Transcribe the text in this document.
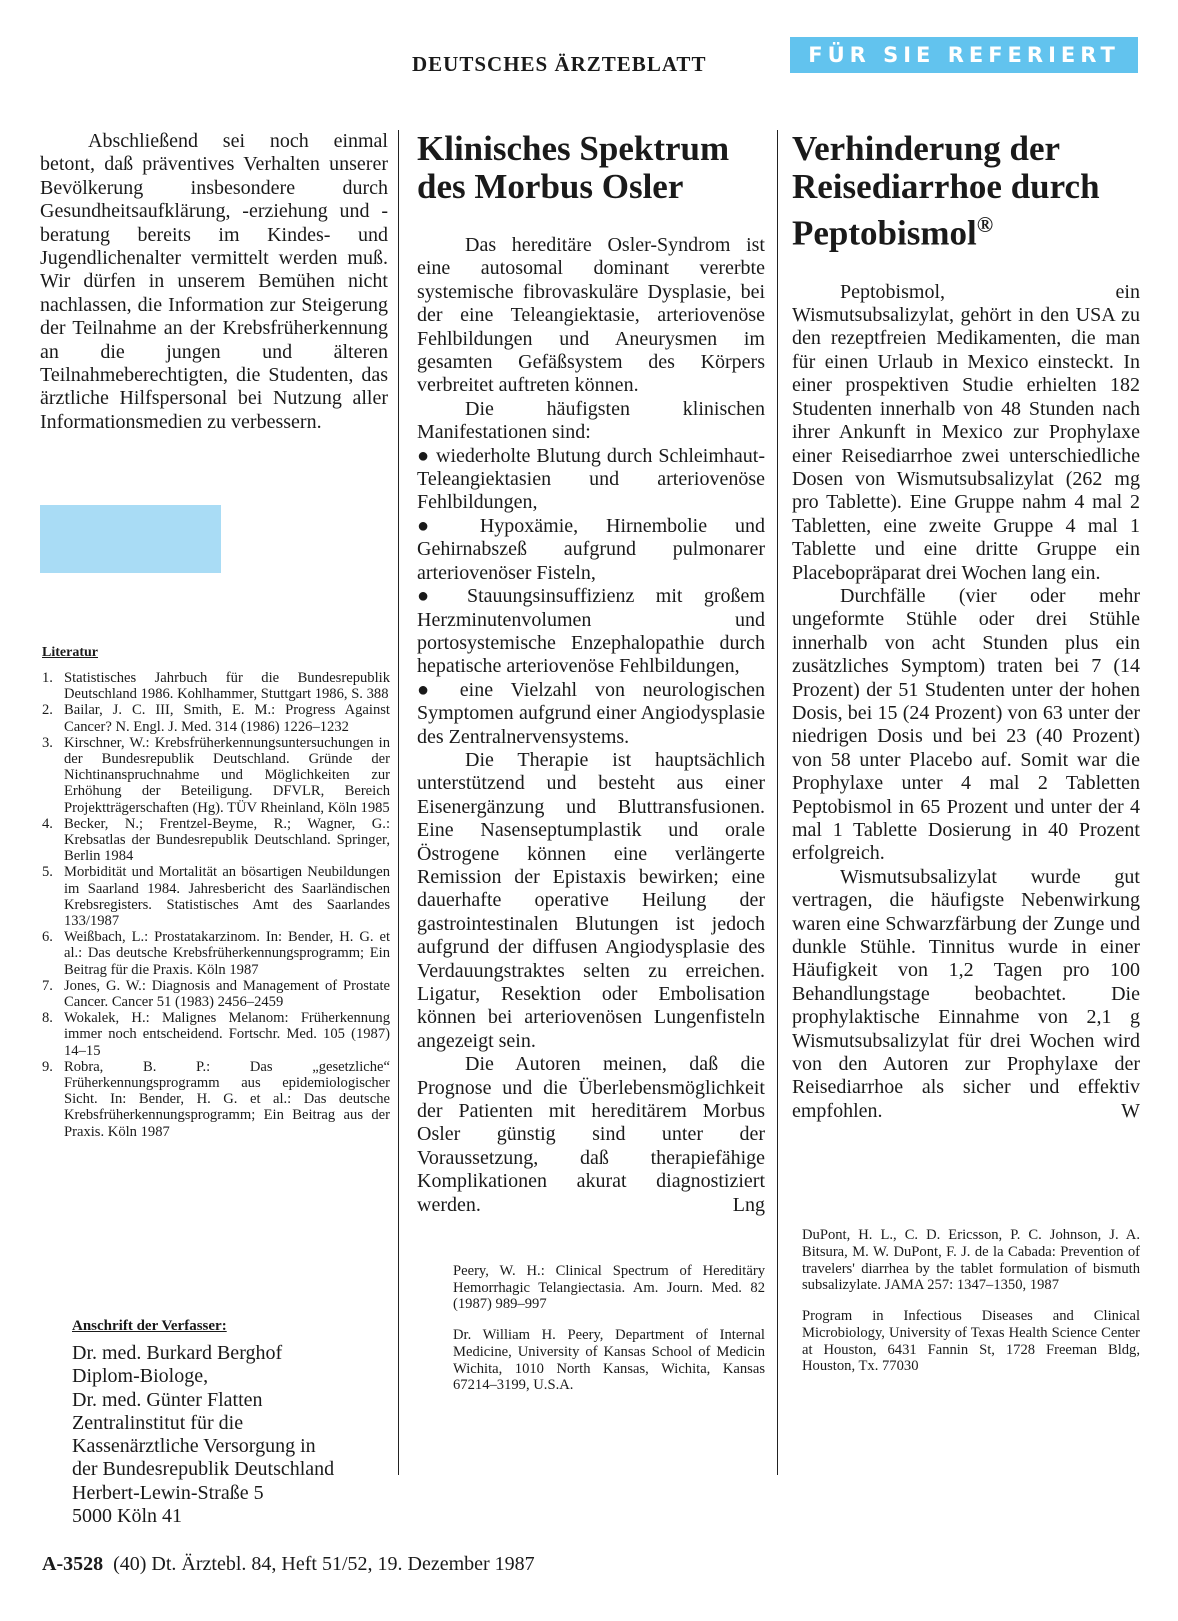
DEUTSCHES ÄRZTEBLATT	FÜR SIE REFERIERT

Abschließend sei noch einmal betont, daß präventives Verhalten unserer Bevölkerung insbesondere durch Gesundheitsaufklärung, -erziehung und -beratung bereits im Kindes- und Jugendlichenalter vermittelt werden muß. Wir dürfen in unserem Bemühen nicht nachlassen, die Information zur Steigerung der Teilnahme an der Krebsfrüherkennung an die jungen und älteren Teilnahmeberechtigten, die Studenten, das ärztliche Hilfspersonal bei Nutzung aller Informationsmedien zu verbessern.

Literatur
1. Statistisches Jahrbuch für die Bundesrepublik Deutschland 1986. Kohlhammer, Stuttgart 1986, S. 388
2. Bailar, J. C. III, Smith, E. M.: Progress Against Cancer? N. Engl. J. Med. 314 (1986) 1226–1232
3. Kirschner, W.: Krebsfrüherkennungsuntersuchungen in der Bundesrepublik Deutschland. Gründe der Nichtinanspruchnahme und Möglichkeiten zur Erhöhung der Beteiligung. DFVLR, Bereich Projektträgerschaften (Hg). TÜV Rheinland, Köln 1985
4. Becker, N.; Frentzel-Beyme, R.; Wagner, G.: Krebsatlas der Bundesrepublik Deutschland. Springer, Berlin 1984
5. Morbidität und Mortalität an bösartigen Neubildungen im Saarland 1984. Jahresbericht des Saarländischen Krebsregisters. Statistisches Amt des Saarlandes 133/1987
6. Weißbach, L.: Prostatakarzinom. In: Bender, H. G. et al.: Das deutsche Krebsfrüherkennungsprogramm; Ein Beitrag für die Praxis. Köln 1987
7. Jones, G. W.: Diagnosis and Management of Prostate Cancer. Cancer 51 (1983) 2456–2459
8. Wokalek, H.: Malignes Melanom: Früherkennung immer noch entscheidend. Fortschr. Med. 105 (1987) 14–15
9. Robra, B. P.: Das „gesetzliche“ Früherkennungsprogramm aus epidemiologischer Sicht. In: Bender, H. G. et al.: Das deutsche Krebsfrüherkennungsprogramm; Ein Beitrag aus der Praxis. Köln 1987
Anschrift der Verfasser:
Dr. med. Burkard Berghof
Diplom-Biologe,
Dr. med. Günter Flatten
Zentralinstitut für die
Kassenärztliche Versorgung in
der Bundesrepublik Deutschland
Herbert-Lewin-Straße 5
5000 Köln 41
Klinisches Spektrum des Morbus Osler

Das hereditäre Osler-Syndrom ist eine autosomal dominant vererbte systemische fibrovaskuläre Dysplasie, bei der eine Teleangiektasie, arteriovenöse Fehlbildungen und Aneurysmen im gesamten Gefäßsystem des Körpers verbreitet auftreten können.

Die häufigsten klinischen Manifestationen sind:

● wiederholte Blutung durch Schleimhaut-Teleangiektasien und arteriovenöse Fehlbildungen,

● Hypoxämie, Hirnembolie und Gehirnabszeß aufgrund pulmonarer arteriovenöser Fisteln,

● Stauungsinsuffizienz mit großem Herzminutenvolumen und portosystemische Enzephalopathie durch hepatische arteriovenöse Fehlbildungen,

● eine Vielzahl von neurologischen Symptomen aufgrund einer Angiodysplasie des Zentralnervensystems.

Die Therapie ist hauptsächlich unterstützend und besteht aus einer Eisenergänzung und Bluttransfusionen. Eine Nasenseptumplastik und orale Östrogene können eine verlängerte Remission der Epistaxis bewirken; eine dauerhafte operative Heilung der gastrointestinalen Blutungen ist jedoch aufgrund der diffusen Angiodysplasie des Verdauungstraktes selten zu erreichen. Ligatur, Resektion oder Embolisation können bei arteriovenösen Lungenfisteln angezeigt sein.

Die Autoren meinen, daß die Prognose und die Überlebensmöglichkeit der Patienten mit hereditärem Morbus Osler günstig sind unter der Voraussetzung, daß therapiefähige Komplikationen akurat diagnostiziert werden.	Lng

Peery, W. H.: Clinical Spectrum of Hereditäry Hemorrhagic Telangiectasia. Am. Journ. Med. 82 (1987) 989–997

Dr. William H. Peery, Department of Internal Medicine, University of Kansas School of Medicin Wichita, 1010 North Kansas, Wichita, Kansas 67214–3199, U.S.A.

Verhinderung der Reisediarrhoe durch Peptobismol®

Peptobismol, ein Wismutsubsalizylat, gehört in den USA zu den rezeptfreien Medikamenten, die man für einen Urlaub in Mexico einsteckt. In einer prospektiven Studie erhielten 182 Studenten innerhalb von 48 Stunden nach ihrer Ankunft in Mexico zur Prophylaxe einer Reisediarrhoe zwei unterschiedliche Dosen von Wismutsubsalizylat (262 mg pro Tablette). Eine Gruppe nahm 4 mal 2 Tabletten, eine zweite Gruppe 4 mal 1 Tablette und eine dritte Gruppe ein Placebopräparat drei Wochen lang ein.

Durchfälle (vier oder mehr ungeformte Stühle oder drei Stühle innerhalb von acht Stunden plus ein zusätzliches Symptom) traten bei 7 (14 Prozent) der 51 Studenten unter der hohen Dosis, bei 15 (24 Prozent) von 63 unter der niedrigen Dosis und bei 23 (40 Prozent) von 58 unter Placebo auf. Somit war die Prophylaxe unter 4 mal 2 Tabletten Peptobismol in 65 Prozent und unter der 4 mal 1 Tablette Dosierung in 40 Prozent erfolgreich.

Wismutsubsalizylat wurde gut vertragen, die häufigste Nebenwirkung waren eine Schwarzfärbung der Zunge und dunkle Stühle. Tinnitus wurde in einer Häufigkeit von 1,2 Tagen pro 100 Behandlungstage beobachtet. Die prophylaktische Einnahme von 2,1 g Wismutsubsalizylat für drei Wochen wird von den Autoren zur Prophylaxe der Reisediarrhoe als sicher und effektiv empfohlen.	W

DuPont, H. L., C. D. Ericsson, P. C. Johnson, J. A. Bitsura, M. W. DuPont, F. J. de la Cabada: Prevention of travelers' diarrhea by the tablet formulation of bismuth subsalizylate. JAMA 257: 1347–1350, 1987

Program in Infectious Diseases and Clinical Microbiology, University of Texas Health Science Center at Houston, 6431 Fannin St, 1728 Freeman Bldg, Houston, Tx. 77030

A-3528 (40) Dt. Ärztebl. 84, Heft 51/52, 19. Dezember 1987
